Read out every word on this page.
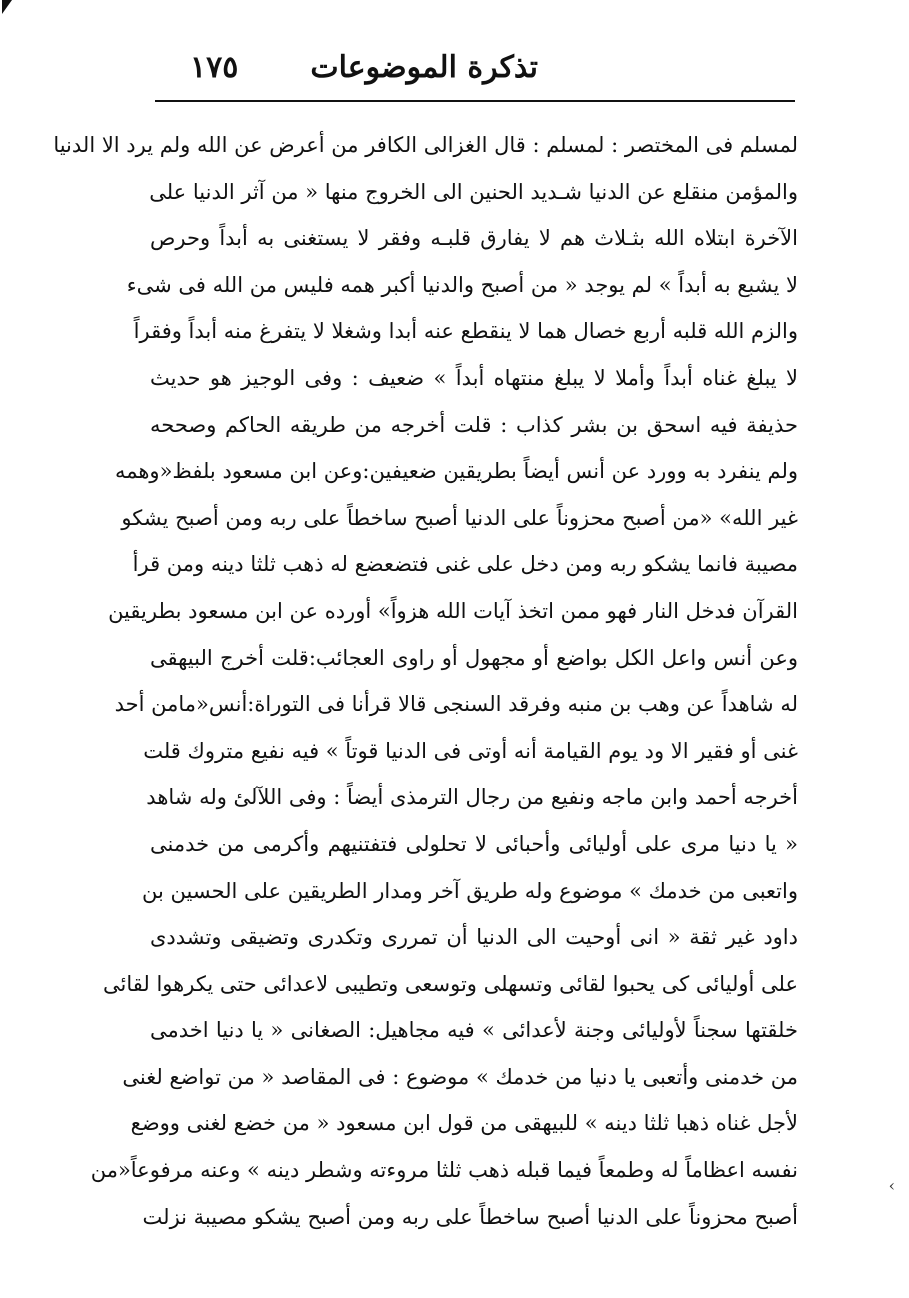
تذكرة الموضوعات
١٧٥
لمسلم فى المختصر : لمسلم : قال الغزالى الكافر من أعرض عن الله ولم يرد الا الدنيا
والمؤمن منقلع عن الدنيا شـديد الحنين الى الخروج منها « من آثر الدنيا على
الآخرة ابتلاه الله بثـلاث هم لا يفارق قلبـه وفقر لا يستغنى به أبداً وحرص
لا يشبع به أبداً » لم يوجد « من أصبح والدنيا أكبر همه فليس من الله فى شىء
والزم الله قلبه أربع خصال هما لا ينقطع عنه أبدا وشغلا لا يتفرغ منه أبداً وفقراً
لا يبلغ غناه أبداً وأملا لا يبلغ منتهاه أبداً » ضعيف : وفى الوجيز هو حديث
حذيفة فيه اسحق بن بشر كذاب : قلت أخرجه من طريقه الحاكم وصححه
ولم ينفرد به وورد عن أنس أيضاً بطريقين ضعيفين:وعن ابن مسعود بلفظ«وهمه
غير الله» «من أصبح محزوناً على الدنيا أصبح ساخطاً على ربه ومن أصبح يشكو
مصيبة فانما يشكو ربه ومن دخل على غنى فتضعضع له ذهب ثلثا دينه ومن قرأ
القرآن فدخل النار فهو ممن اتخذ آيات الله هزواً» أورده عن ابن مسعود بطريقين
وعن أنس واعل الكل بواضع أو مجهول أو راوى العجائب:قلت أخرج البيهقى
له شاهداً عن وهب بن منبه وفرقد السنجى قالا قرأنا فى التوراة:أنس«مامن أحد
غنى أو فقير الا ود يوم القيامة أنه أوتى فى الدنيا قوتاً » فيه نفيع متروك قلت
أخرجه أحمد وابن ماجه ونفيع من رجال الترمذى أيضاً : وفى اللآلئ وله شاهد
« يا دنيا مرى على أوليائى وأحبائى لا تحلولى فتفتنيهم وأكرمى من خدمنى
واتعبى من خدمك » موضوع وله طريق آخر ومدار الطريقين على الحسين بن
داود غير ثقة « انى أوحيت الى الدنيا أن تمررى وتكدرى وتضيقى وتشددى
على أوليائى كى يحبوا لقائى وتسهلى وتوسعى وتطيبى لاعدائى حتى يكرهوا لقائى
خلقتها سجناً لأوليائى وجنة لأعدائى » فيه مجاهيل: الصغانى « يا دنيا اخدمى
من خدمنى وأتعبى يا دنيا من خدمك » موضوع : فى المقاصد « من تواضع لغنى
لأجل غناه ذهبا ثلثا دينه » للبيهقى من قول ابن مسعود « من خضع لغنى ووضع
نفسه اعظاماً له وطمعاً فيما قبله ذهب ثلثا مروءته وشطر دينه » وعنه مرفوعاً«من
أصبح محزوناً على الدنيا أصبح ساخطاً على ربه ومن أصبح يشكو مصيبة نزلت
‹
